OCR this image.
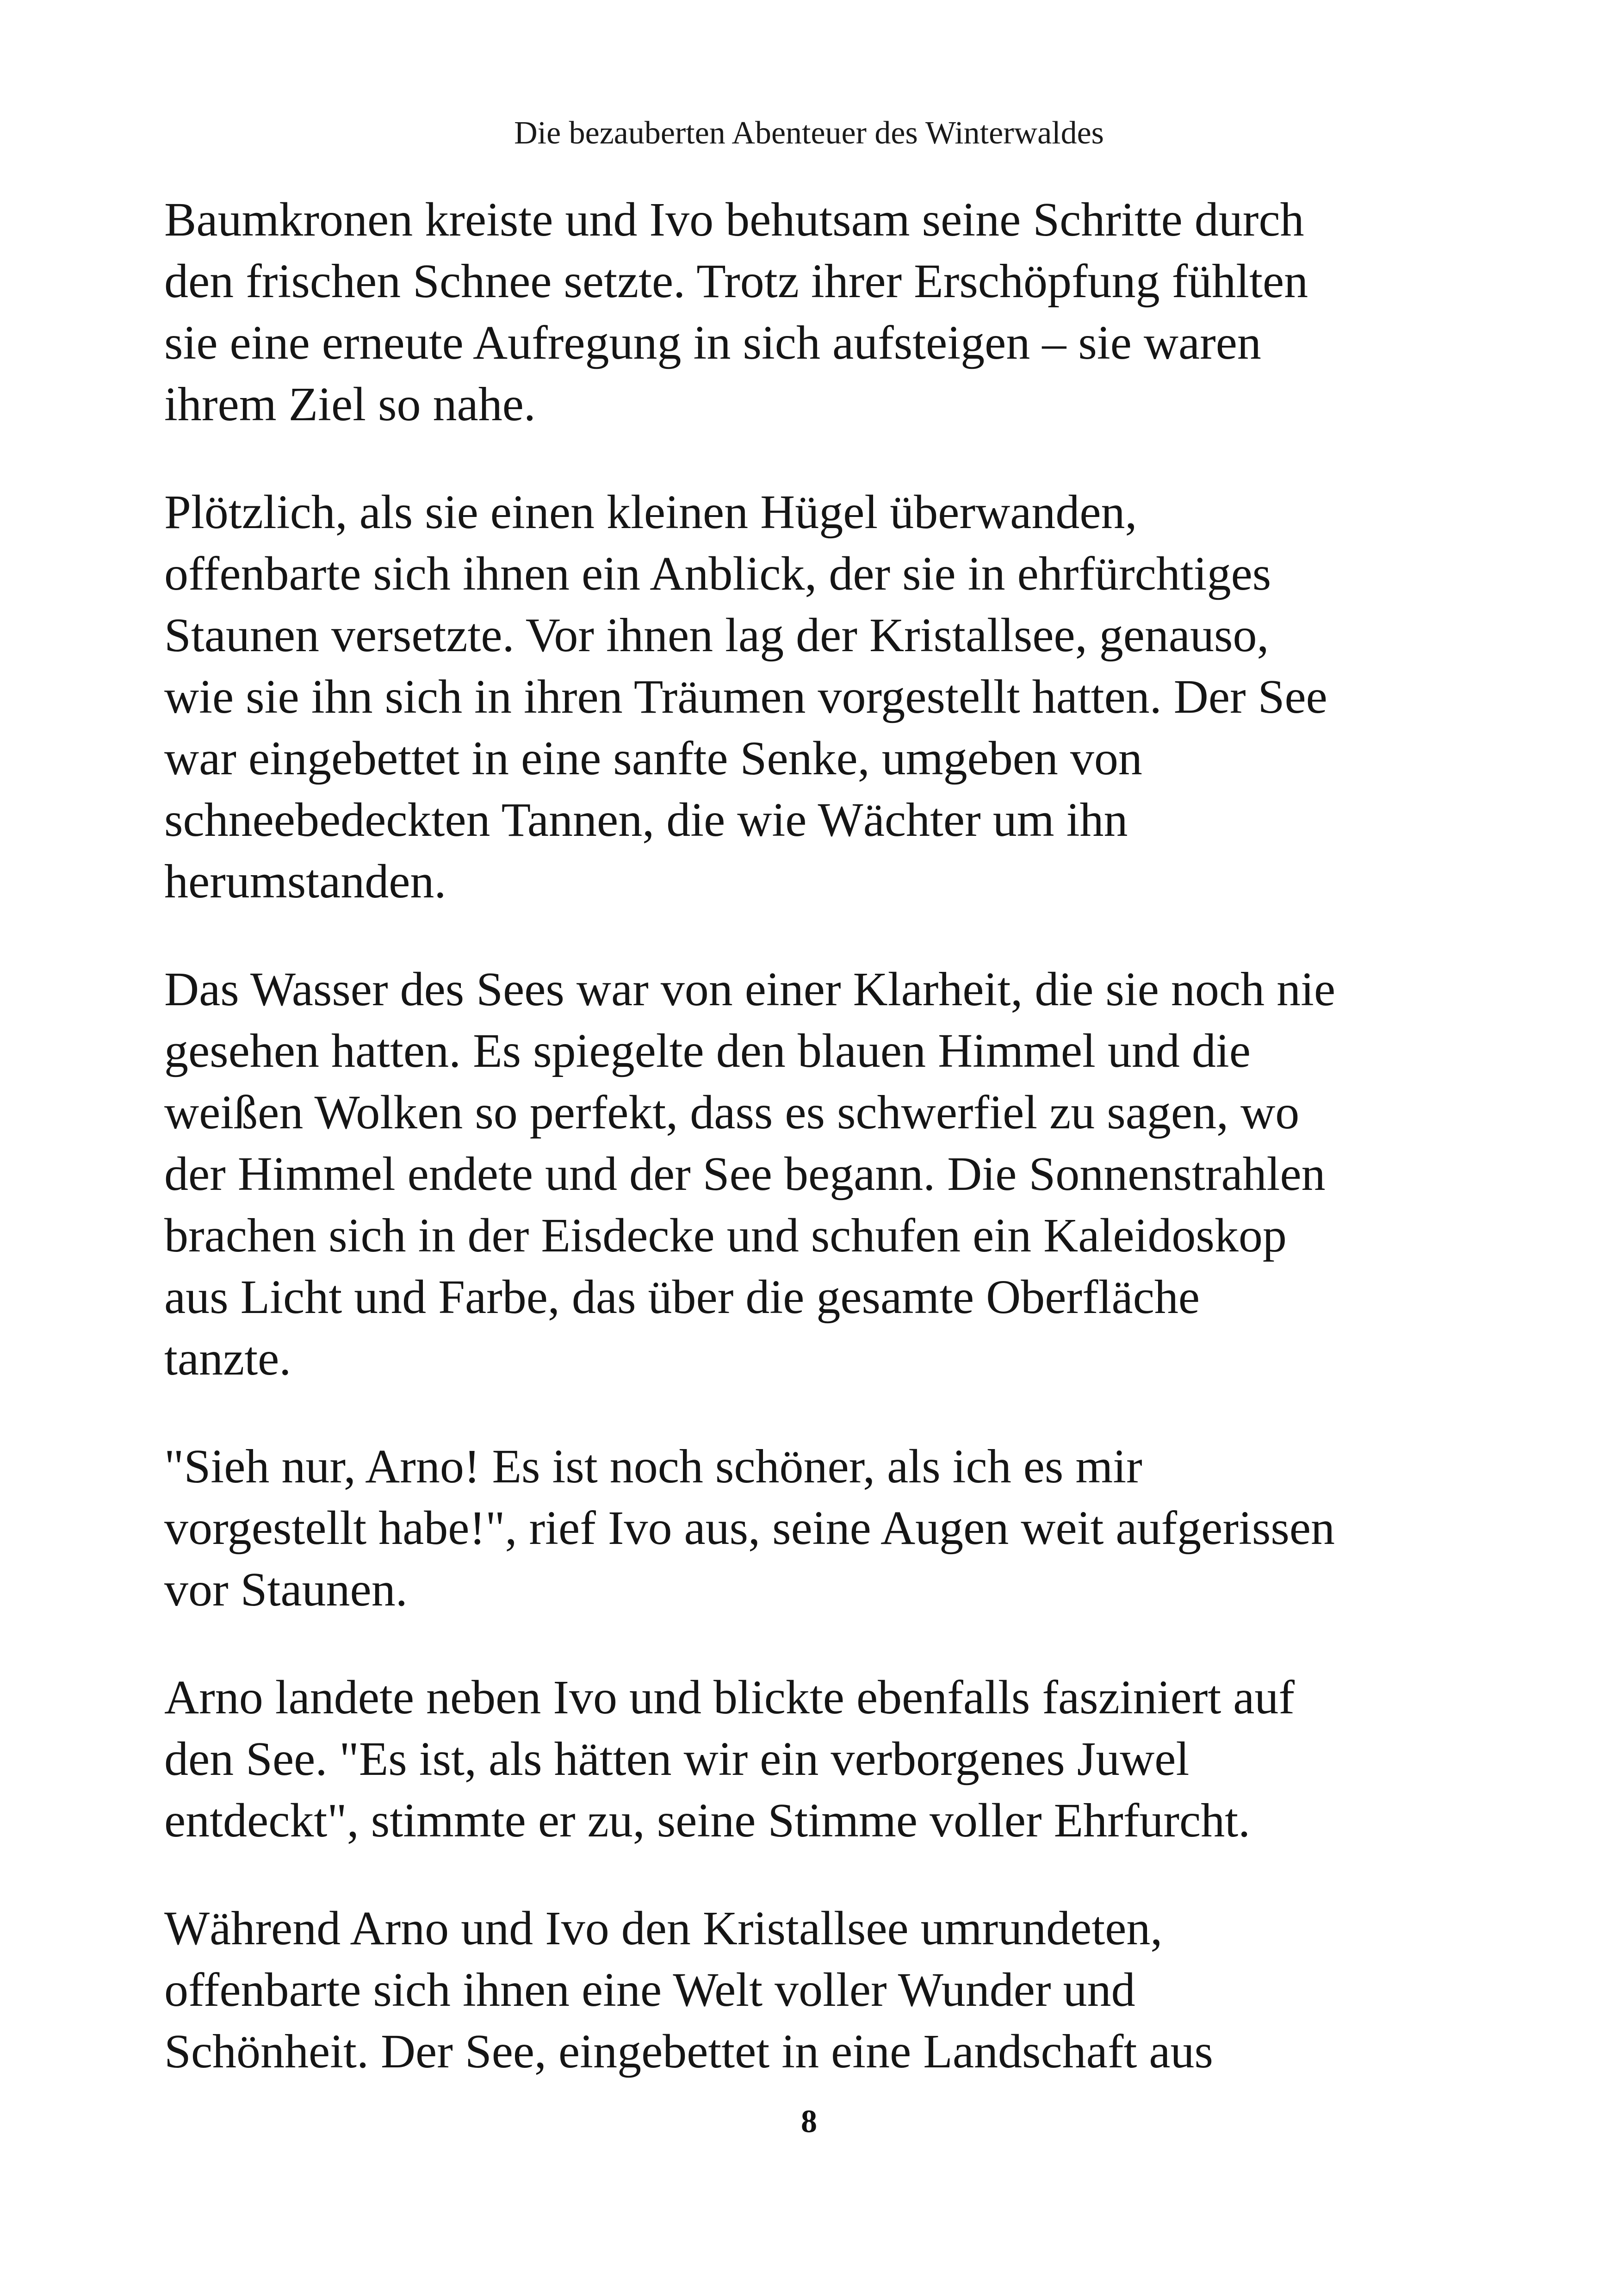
Die bezauberten Abenteuer des Winterwaldes

Baumkronen kreiste und Ivo behutsam seine Schritte durch
den frischen Schnee setzte. Trotz ihrer Erschöpfung fühlten
sie eine erneute Aufregung in sich aufsteigen – sie waren
ihrem Ziel so nahe.

Plötzlich, als sie einen kleinen Hügel überwanden,
offenbarte sich ihnen ein Anblick, der sie in ehrfürchtiges
Staunen versetzte. Vor ihnen lag der Kristallsee, genauso,
wie sie ihn sich in ihren Träumen vorgestellt hatten. Der See
war eingebettet in eine sanfte Senke, umgeben von
schneebedeckten Tannen, die wie Wächter um ihn
herumstanden.

Das Wasser des Sees war von einer Klarheit, die sie noch nie
gesehen hatten. Es spiegelte den blauen Himmel und die
weißen Wolken so perfekt, dass es schwerfiel zu sagen, wo
der Himmel endete und der See begann. Die Sonnenstrahlen
brachen sich in der Eisdecke und schufen ein Kaleidoskop
aus Licht und Farbe, das über die gesamte Oberfläche
tanzte.

"Sieh nur, Arno! Es ist noch schöner, als ich es mir
vorgestellt habe!", rief Ivo aus, seine Augen weit aufgerissen
vor Staunen.

Arno landete neben Ivo und blickte ebenfalls fasziniert auf
den See. "Es ist, als hätten wir ein verborgenes Juwel
entdeckt", stimmte er zu, seine Stimme voller Ehrfurcht.

Während Arno und Ivo den Kristallsee umrundeten,
offenbarte sich ihnen eine Welt voller Wunder und
Schönheit. Der See, eingebettet in eine Landschaft aus

8
